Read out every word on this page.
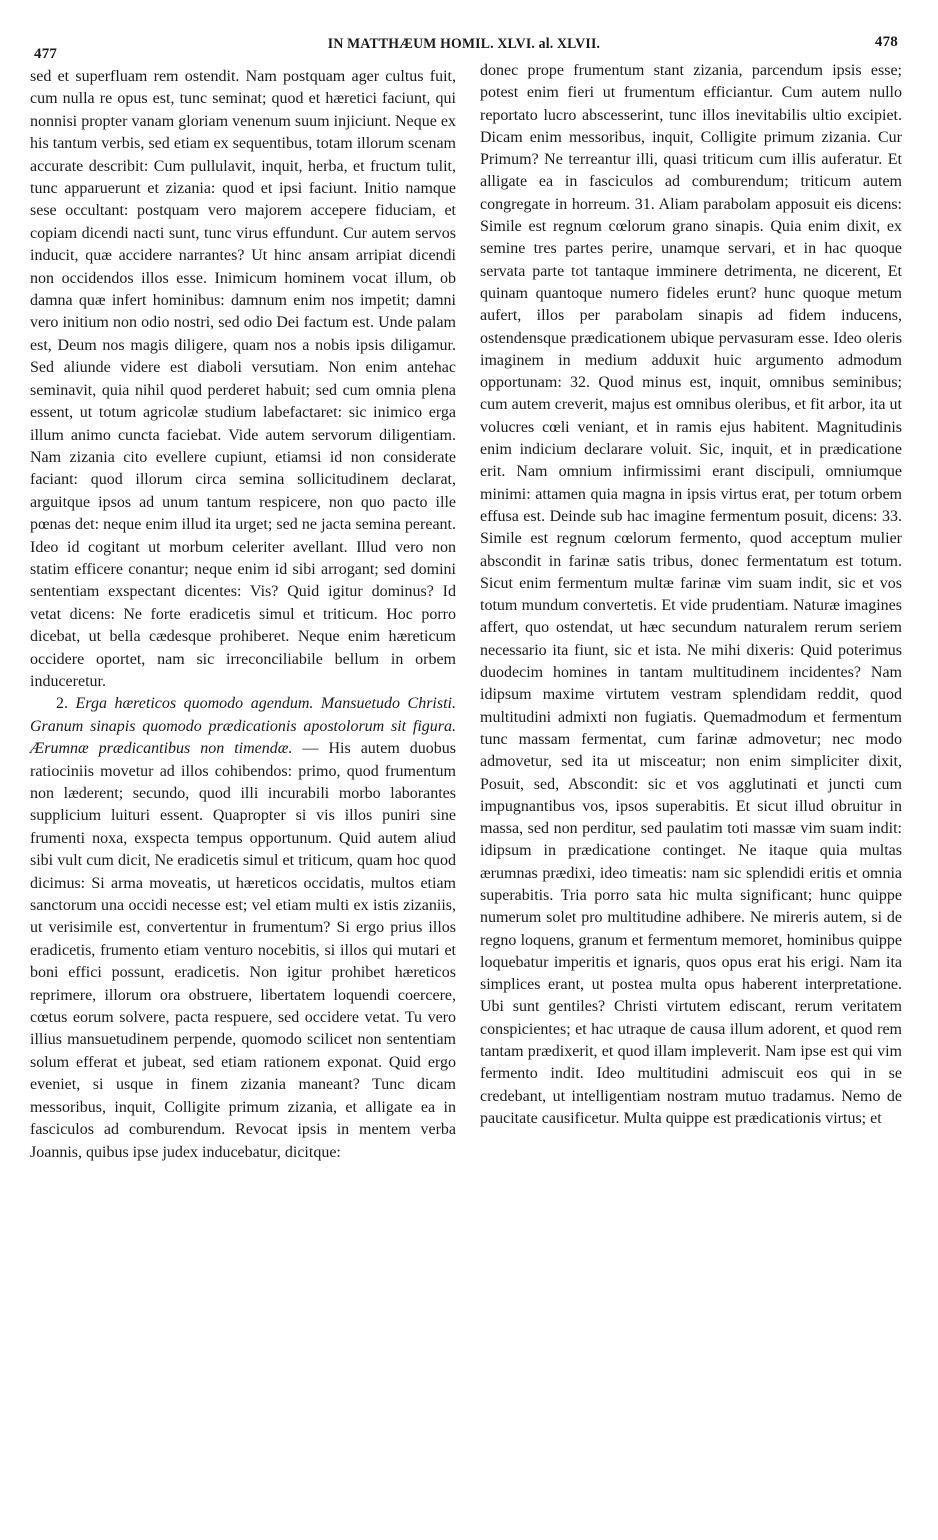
477
IN MATTHÆUM HOMIL. XLVI. al. XLVII.	478

sed et superfluam rem ostendit. Nam postquam ager cultus fuit, cum nulla re opus est, tunc seminat; quod et hæretici faciunt, qui nonnisi propter vanam gloriam venenum suum injiciunt. Neque ex his tantum verbis, sed etiam ex sequentibus, totam illorum scenam accurate describit: Cum pullulavit, inquit, herba, et fructum tulit, tunc apparuerunt et zizania: quod et ipsi faciunt. Initio namque sese occultant: postquam vero majorem accepere fiduciam, et copiam dicendi nacti sunt, tunc virus effundunt. Cur autem servos inducit, quæ accidere narrantes? Ut hinc ansam arripiat dicendi non occidendos illos esse. Inimicum hominem vocat illum, ob damna quæ infert hominibus: damnum enim nos impetit; damni vero initium non odio nostri, sed odio Dei factum est. Unde palam est, Deum nos magis diligere, quam nos a nobis ipsis diligamur. Sed aliunde videre est diaboli versutiam. Non enim antehac seminavit, quia nihil quod perderet habuit; sed cum omnia plena essent, ut totum agricolæ studium labefactaret: sic inimico erga illum animo cuncta faciebat. Vide autem servorum diligentiam. Nam zizania cito evellere cupiunt, etiamsi id non considerate faciant: quod illorum circa semina sollicitudinem declarat, arguitque ipsos ad unum tantum respicere, non quo pacto ille pœnas det: neque enim illud ita urget; sed ne jacta semina pereant. Ideo id cogitant ut morbum celeriter avellant. Illud vero non statim efficere conantur; neque enim id sibi arrogant; sed domini sententiam exspectant dicentes: Vis? Quid igitur dominus? Id vetat dicens: Ne forte eradicetis simul et triticum. Hoc porro dicebat, ut bella cædesque prohiberet. Neque enim hæreticum occidere oportet, nam sic irreconciliabile bellum in orbem induceretur.

2. Erga hæreticos quomodo agendum. Mansuetudo Christi. Granum sinapis quomodo prædicationis apostolorum sit figura. Ærumnæ prædicantibus non timendæ. — His autem duobus ratiociniis movetur ad illos cohibendos: primo, quod frumentum non læderent; secundo, quod illi incurabili morbo laborantes supplicium luituri essent. Quapropter si vis illos puniri sine frumenti noxa, exspecta tempus opportunum. Quid autem aliud sibi vult cum dicit, Ne eradicetis simul et triticum, quam hoc quod dicimus: Si arma moveatis, ut hæreticos occidatis, multos etiam sanctorum una occidi necesse est; vel etiam multi ex istis zizaniis, ut verisimile est, convertentur in frumentum? Si ergo prius illos eradicetis, frumento etiam venturo nocebitis, si illos qui mutari et boni effici possunt, eradicetis. Non igitur prohibet hæreticos reprimere, illorum ora obstruere, libertatem loquendi coercere, cœtus eorum solvere, pacta respuere, sed occidere vetat. Tu vero illius mansuetudinem perpende, quomodo scilicet non sententiam solum efferat et jubeat, sed etiam rationem exponat. Quid ergo eveniet, si usque in finem zizania maneant? Tunc dicam messoribus, inquit, Colligite primum zizania, et alligate ea in fasciculos ad comburendum. Revocat ipsis in mentem verba Joannis, quibus ipse judex inducebatur, dicitque:

donec prope frumentum stant zizania, parcendum ipsis esse; potest enim fieri ut frumentum efficiantur. Cum autem nullo reportato lucro abscesserint, tunc illos inevitabilis ultio excipiet. Dicam enim messoribus, inquit, Colligite primum zizania. Cur Primum? Ne terreantur illi, quasi triticum cum illis auferatur. Et alligate ea in fasciculos ad comburendum; triticum autem congregate in horreum. 31. Aliam parabolam apposuit eis dicens: Simile est regnum cœlorum grano sinapis. Quia enim dixit, ex semine tres partes perire, unamque servari, et in hac quoque servata parte tot tantaque imminere detrimenta, ne dicerent, Et quinam quantoque numero fideles erunt? hunc quoque metum aufert, illos per parabolam sinapis ad fidem inducens, ostendensque prædicationem ubique pervasuram esse. Ideo oleris imaginem in medium adduxit huic argumento admodum opportunam: 32. Quod minus est, inquit, omnibus seminibus; cum autem creverit, majus est omnibus oleribus, et fit arbor, ita ut volucres cœli veniant, et in ramis ejus habitent. Magnitudinis enim indicium declarare voluit. Sic, inquit, et in prædicatione erit. Nam omnium infirmissimi erant discipuli, omniumque minimi: attamen quia magna in ipsis virtus erat, per totum orbem effusa est. Deinde sub hac imagine fermentum posuit, dicens: 33. Simile est regnum cœlorum fermento, quod acceptum mulier abscondit in farinæ satis tribus, donec fermentatum est totum. Sicut enim fermentum multæ farinæ vim suam indit, sic et vos totum mundum convertetis. Et vide prudentiam. Naturæ imagines affert, quo ostendat, ut hæc secundum naturalem rerum seriem necessario ita fiunt, sic et ista. Ne mihi dixeris: Quid poterimus duodecim homines in tantam multitudinem incidentes? Nam idipsum maxime virtutem vestram splendidam reddit, quod multitudini admixti non fugiatis. Quemadmodum et fermentum tunc massam fermentat, cum farinæ admovetur; nec modo admovetur, sed ita ut misceatur; non enim simpliciter dixit, Posuit, sed, Abscondit: sic et vos agglutinati et juncti cum impugnantibus vos, ipsos superabitis. Et sicut illud obruitur in massa, sed non perditur, sed paulatim toti massæ vim suam indit: idipsum in prædicatione continget. Ne itaque quia multas ærumnas prædixi, ideo timeatis: nam sic splendidi eritis et omnia superabitis. Tria porro sata hic multa significant; hunc quippe numerum solet pro multitudine adhibere. Ne mireris autem, si de regno loquens, granum et fermentum memoret, hominibus quippe loquebatur imperitis et ignaris, quos opus erat his erigi. Nam ita simplices erant, ut postea multa opus haberent interpretatione. Ubi sunt gentiles? Christi virtutem ediscant, rerum veritatem conspicientes; et hac utraque de causa illum adorent, et quod rem tantam prædixerit, et quod illam impleverit. Nam ipse est qui vim fermento indit. Ideo multitudini admiscuit eos qui in se credebant, ut intelligentiam nostram mutuo tradamus. Nemo de paucitate causificetur. Multa quippe est prædicationis virtus; et
